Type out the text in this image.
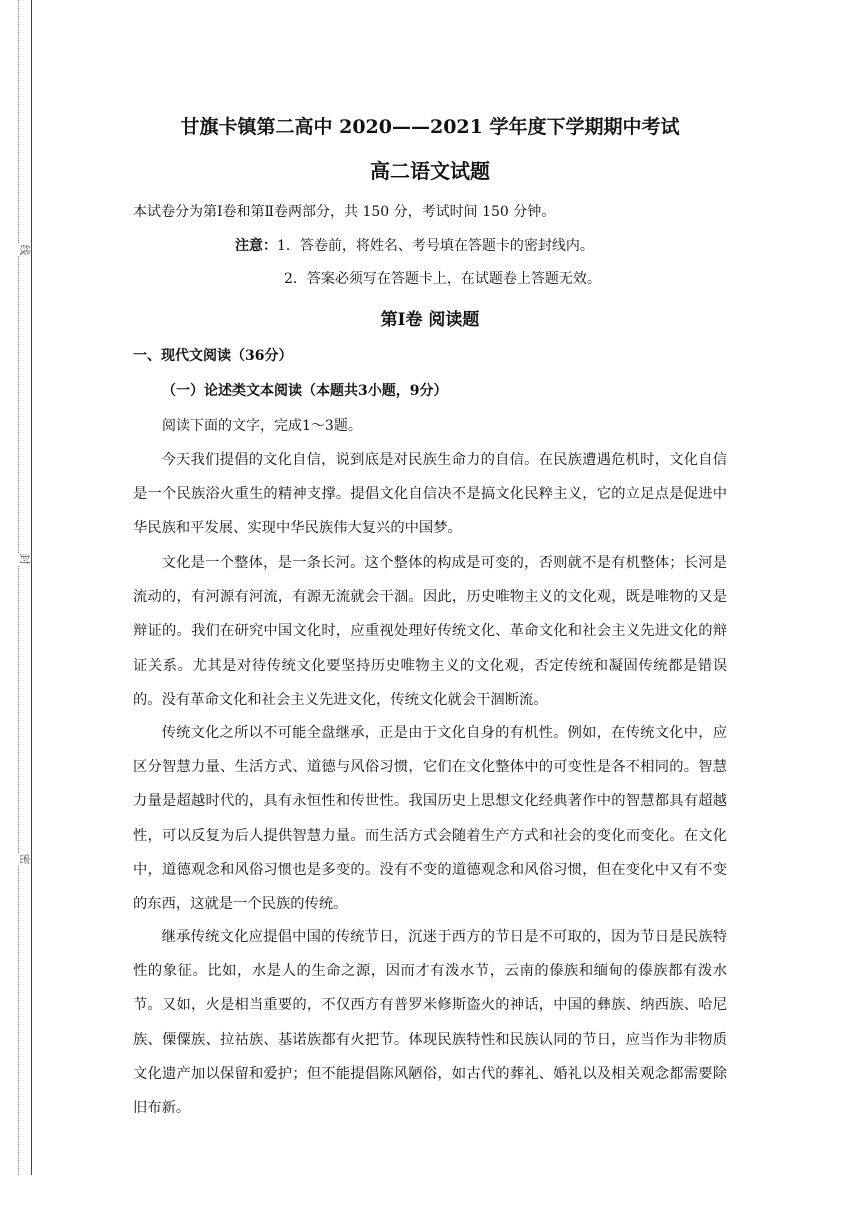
线
封
密
甘旗卡镇第二高中 2020——2021 学年度下学期期中考试
高二语文试题
本试卷分为第Ⅰ卷和第Ⅱ卷两部分，共 150 分，考试时间 150 分钟。
注意：1．答卷前，将姓名、考号填在答题卡的密封线内。
2．答案必须写在答题卡上，在试题卷上答题无效。
第Ⅰ卷 阅读题
一、现代文阅读（36分）
（一）论述类文本阅读（本题共3小题，9分）
阅读下面的文字，完成1～3题。

今天我们提倡的文化自信，说到底是对民族生命力的自信。在民族遭遇危机时，文化自信是一个民族浴火重生的精神支撑。提倡文化自信决不是搞文化民粹主义，它的立足点是促进中华民族和平发展、实现中华民族伟大复兴的中国梦。

文化是一个整体，是一条长河。这个整体的构成是可变的，否则就不是有机整体；长河是流动的，有河源有河流，有源无流就会干涸。因此，历史唯物主义的文化观，既是唯物的又是辩证的。我们在研究中国文化时，应重视处理好传统文化、革命文化和社会主义先进文化的辩证关系。尤其是对待传统文化要坚持历史唯物主义的文化观，否定传统和凝固传统都是错误的。没有革命文化和社会主义先进文化，传统文化就会干涸断流。

传统文化之所以不可能全盘继承，正是由于文化自身的有机性。例如，在传统文化中，应区分智慧力量、生活方式、道德与风俗习惯，它们在文化整体中的可变性是各不相同的。智慧力量是超越时代的，具有永恒性和传世性。我国历史上思想文化经典著作中的智慧都具有超越性，可以反复为后人提供智慧力量。而生活方式会随着生产方式和社会的变化而变化。在文化中，道德观念和风俗习惯也是多变的。没有不变的道德观念和风俗习惯，但在变化中又有不变的东西，这就是一个民族的传统。

继承传统文化应提倡中国的传统节日，沉迷于西方的节日是不可取的，因为节日是民族特性的象征。比如，水是人的生命之源，因而才有泼水节，云南的傣族和缅甸的傣族都有泼水节。又如，火是相当重要的，不仅西方有普罗米修斯盗火的神话，中国的彝族、纳西族、哈尼族、傈僳族、拉祜族、基诺族都有火把节。体现民族特性和民族认同的节日，应当作为非物质文化遗产加以保留和爱护；但不能提倡陈风陋俗，如古代的葬礼、婚礼以及相关观念都需要除旧布新。
